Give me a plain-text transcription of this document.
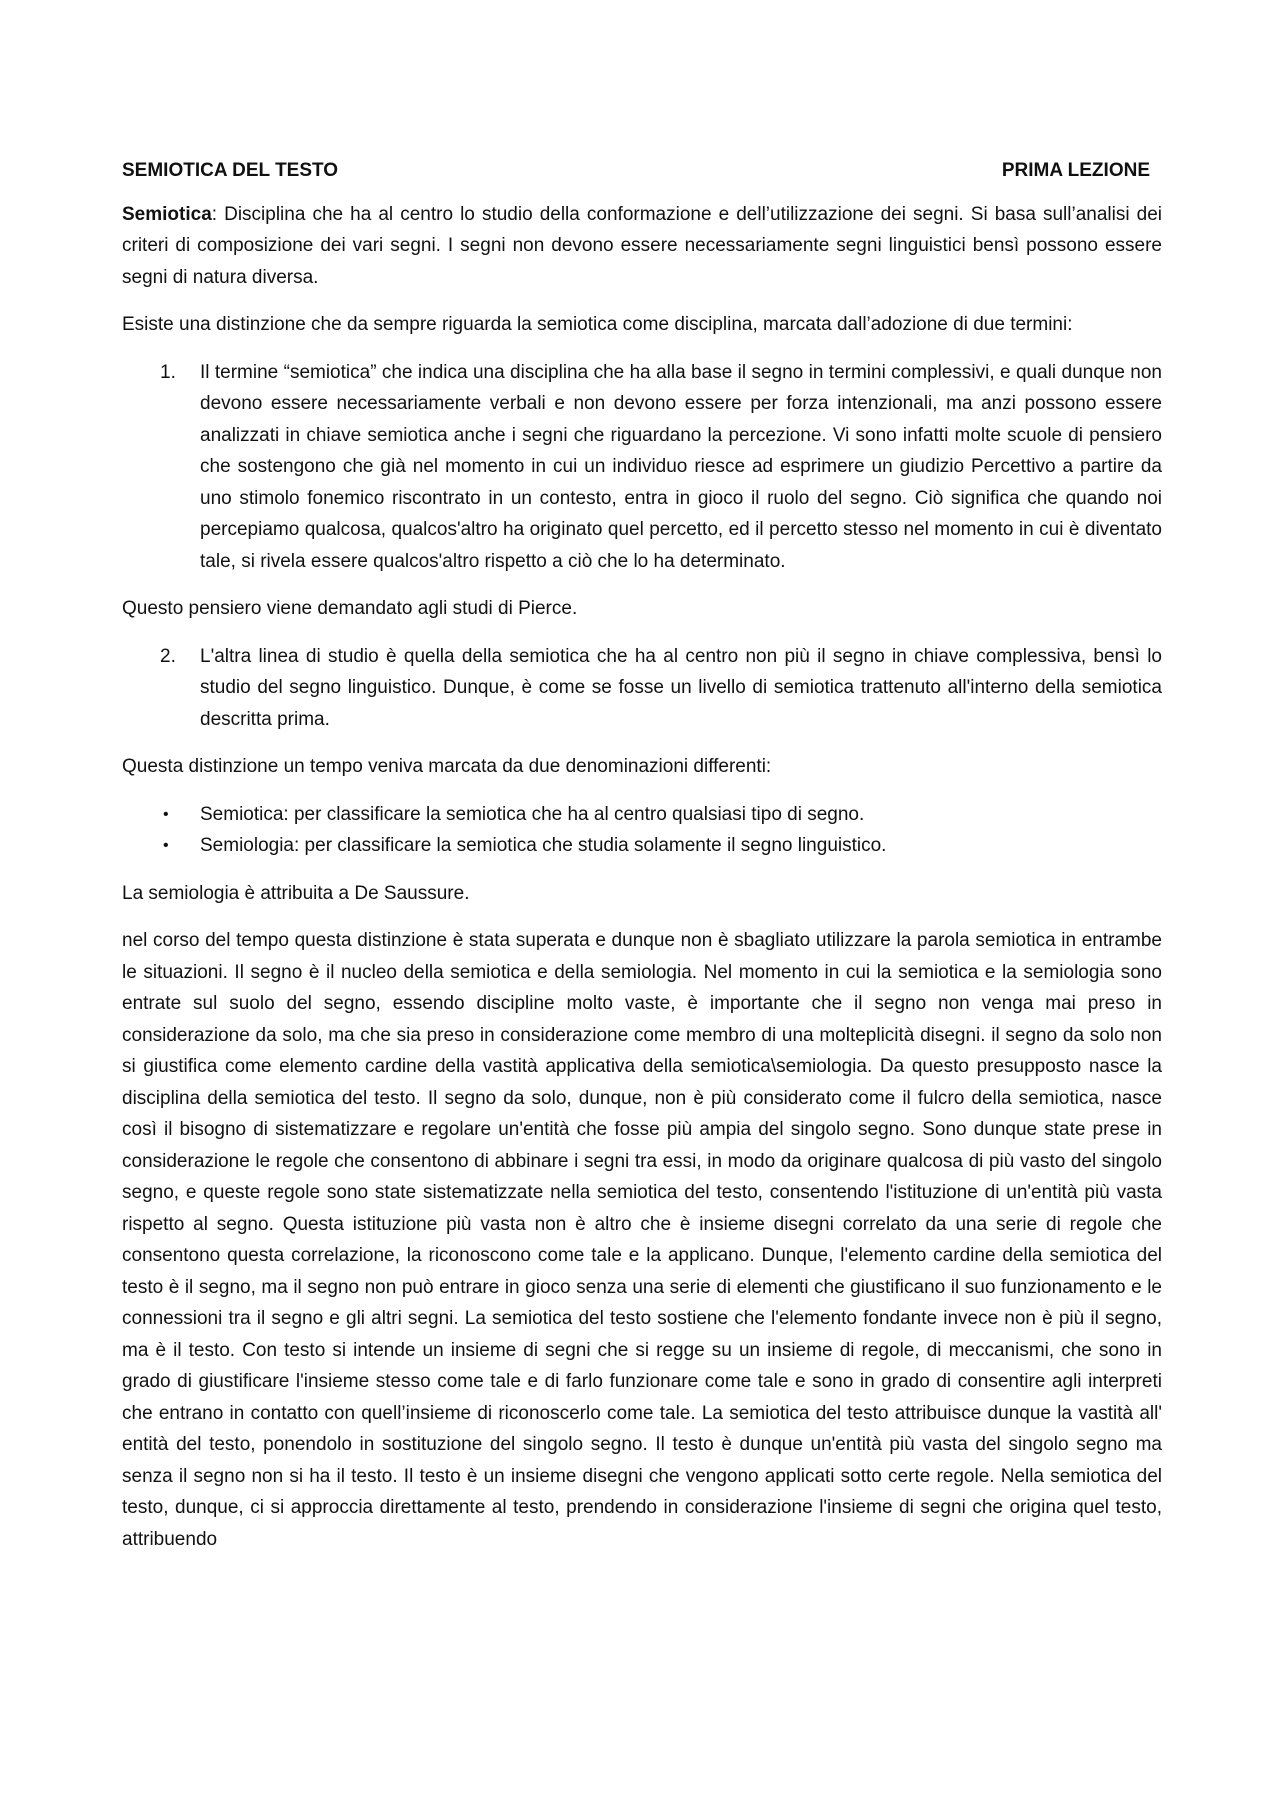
SEMIOTICA DEL TESTO	PRIMA LEZIONE

Semiotica: Disciplina che ha al centro lo studio della conformazione e dell’utilizzazione dei segni. Si basa sull’analisi dei criteri di composizione dei vari segni. I segni non devono essere necessariamente segni linguistici bensì possono essere segni di natura diversa.

Esiste una distinzione che da sempre riguarda la semiotica come disciplina, marcata dall’adozione di due termini:

1. Il termine “semiotica” che indica una disciplina che ha alla base il segno in termini complessivi, e quali dunque non devono essere necessariamente verbali e non devono essere per forza intenzionali, ma anzi possono essere analizzati in chiave semiotica anche i segni che riguardano la percezione. Vi sono infatti molte scuole di pensiero che sostengono che già nel momento in cui un individuo riesce ad esprimere un giudizio Percettivo a partire da uno stimolo fonemico riscontrato in un contesto, entra in gioco il ruolo del segno. Ciò significa che quando noi percepiamo qualcosa, qualcos'altro ha originato quel percetto, ed il percetto stesso nel momento in cui è diventato tale, si rivela essere qualcos'altro rispetto a ciò che lo ha determinato.

Questo pensiero viene demandato agli studi di Pierce.

2. L'altra linea di studio è quella della semiotica che ha al centro non più il segno in chiave complessiva, bensì lo studio del segno linguistico. Dunque, è come se fosse un livello di semiotica trattenuto all'interno della semiotica descritta prima.

Questa distinzione un tempo veniva marcata da due denominazioni differenti:

• Semiotica: per classificare la semiotica che ha al centro qualsiasi tipo di segno.
• Semiologia: per classificare la semiotica che studia solamente il segno linguistico.

La semiologia è attribuita a De Saussure.

nel corso del tempo questa distinzione è stata superata e dunque non è sbagliato utilizzare la parola semiotica in entrambe le situazioni. Il segno è il nucleo della semiotica e della semiologia. Nel momento in cui la semiotica e la semiologia sono entrate sul suolo del segno, essendo discipline molto vaste, è importante che il segno non venga mai preso in considerazione da solo, ma che sia preso in considerazione come membro di una molteplicità disegni. il segno da solo non si giustifica come elemento cardine della vastità applicativa della semiotica\semiologia. Da questo presupposto nasce la disciplina della semiotica del testo. Il segno da solo, dunque, non è più considerato come il fulcro della semiotica, nasce così il bisogno di sistematizzare e regolare un'entità che fosse più ampia del singolo segno. Sono dunque state prese in considerazione le regole che consentono di abbinare i segni tra essi, in modo da originare qualcosa di più vasto del singolo segno, e queste regole sono state sistematizzate nella semiotica del testo, consentendo l'istituzione di un'entità più vasta rispetto al segno. Questa istituzione più vasta non è altro che è insieme disegni correlato da una serie di regole che consentono questa correlazione, la riconoscono come tale e la applicano. Dunque, l'elemento cardine della semiotica del testo è il segno, ma il segno non può entrare in gioco senza una serie di elementi che giustificano il suo funzionamento e le connessioni tra il segno e gli altri segni. La semiotica del testo sostiene che l'elemento fondante invece non è più il segno, ma è il testo. Con testo si intende un insieme di segni che si regge su un insieme di regole, di meccanismi, che sono in grado di giustificare l'insieme stesso come tale e di farlo funzionare come tale e sono in grado di consentire agli interpreti che entrano in contatto con quell’insieme di riconoscerlo come tale. La semiotica del testo attribuisce dunque la vastità all' entità del testo, ponendolo in sostituzione del singolo segno. Il testo è dunque un'entità più vasta del singolo segno ma senza il segno non si ha il testo. Il testo è un insieme disegni che vengono applicati sotto certe regole. Nella semiotica del testo, dunque, ci si approccia direttamente al testo, prendendo in considerazione l'insieme di segni che origina quel testo, attribuendo
